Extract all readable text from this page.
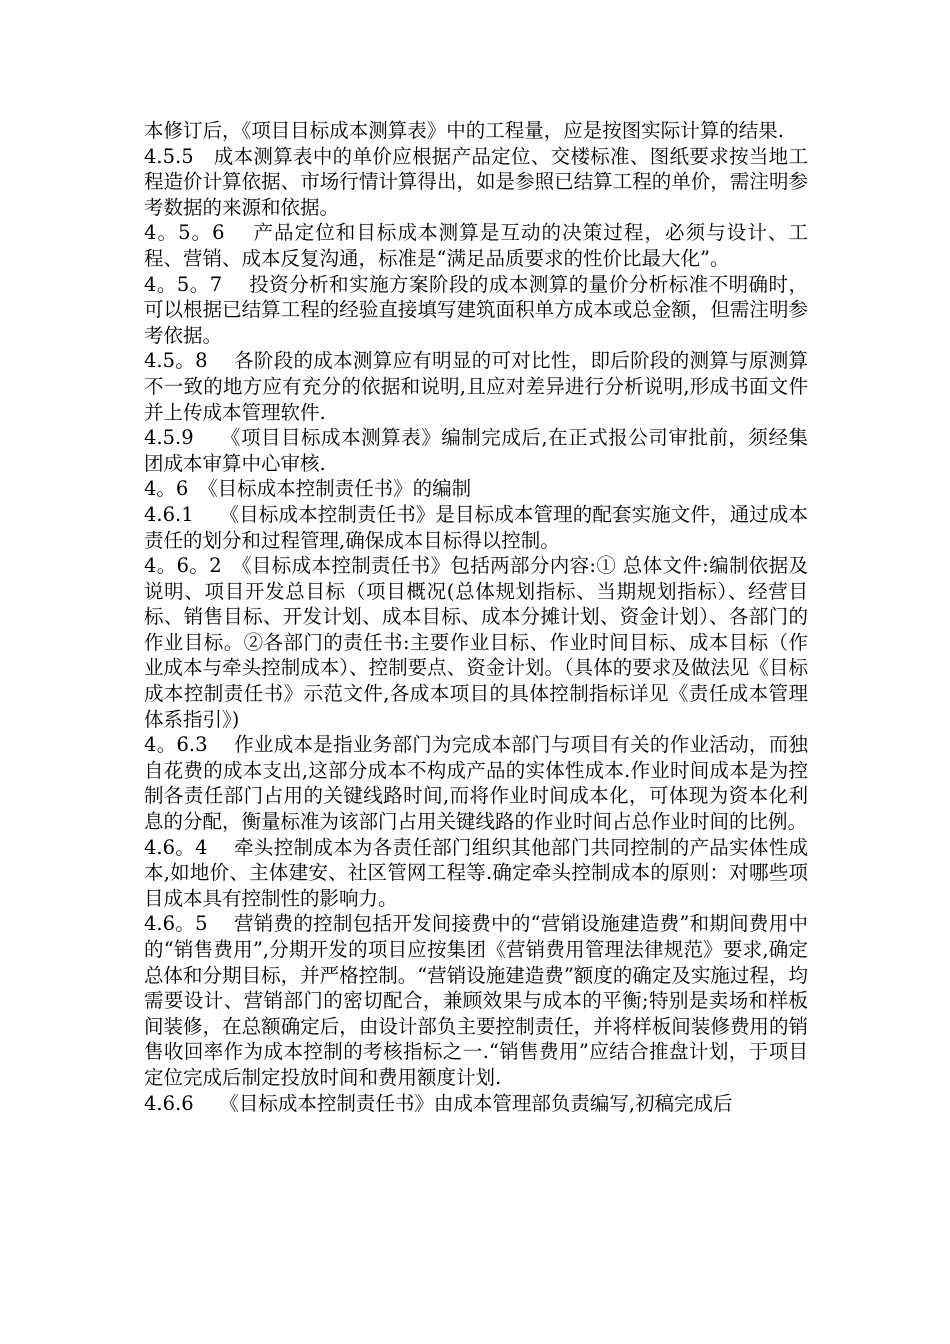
本修订后，《项目目标成本测算表》中的工程量，应是按图实际计算的结果.

4.5.5　成本测算表中的单价应根据产品定位、交楼标准、图纸要求按当地工程造价计算依据、市场行情计算得出，如是参照已结算工程的单价，需注明参考数据的来源和依据。

4。5。6　 产品定位和目标成本测算是互动的决策过程，必须与设计、工程、营销、成本反复沟通，标准是“满足品质要求的性价比最大化”。

4。5。7　 投资分析和实施方案阶段的成本测算的量价分析标准不明确时，可以根据已结算工程的经验直接填写建筑面积单方成本或总金额，但需注明参考依据。

4.5。8　 各阶段的成本测算应有明显的可对比性，即后阶段的测算与原测算不一致的地方应有充分的依据和说明,且应对差异进行分析说明,形成书面文件并上传成本管理软件.

4.5.9　 《项目目标成本测算表》编制完成后,在正式报公司审批前，须经集团成本审算中心审核.

4。6　《目标成本控制责任书》的编制

4.6.1　 《目标成本控制责任书》是目标成本管理的配套实施文件，通过成本责任的划分和过程管理,确保成本目标得以控制。

4。6。2　《目标成本控制责任书》包括两部分内容:① 总体文件:编制依据及说明、项目开发总目标（项目概况(总体规划指标、当期规划指标）、经营目标、销售目标、开发计划、成本目标、成本分摊计划、资金计划）、各部门的作业目标。②各部门的责任书:主要作业目标、作业时间目标、成本目标（作业成本与牵头控制成本）、控制要点、资金计划。（具体的要求及做法见《目标成本控制责任书》示范文件,各成本项目的具体控制指标详见《责任成本管理体系指引》)

4。6.3　 作业成本是指业务部门为完成本部门与项目有关的作业活动，而独自花费的成本支出,这部分成本不构成产品的实体性成本.作业时间成本是为控制各责任部门占用的关键线路时间,而将作业时间成本化，可体现为资本化利息的分配，衡量标准为该部门占用关键线路的作业时间占总作业时间的比例。

4.6。4　 牵头控制成本为各责任部门组织其他部门共同控制的产品实体性成本,如地价、主体建安、社区管网工程等.确定牵头控制成本的原则：对哪些项目成本具有控制性的影响力。

4.6。5　 营销费的控制包括开发间接费中的“营销设施建造费”和期间费用中的“销售费用”,分期开发的项目应按集团《营销费用管理法律规范》要求,确定总体和分期目标，并严格控制。“营销设施建造费”额度的确定及实施过程，均需要设计、营销部门的密切配合，兼顾效果与成本的平衡;特别是卖场和样板间装修，在总额确定后，由设计部负主要控制责任，并将样板间装修费用的销售收回率作为成本控制的考核指标之一.“销售费用”应结合推盘计划，于项目定位完成后制定投放时间和费用额度计划.

4.6.6　 《目标成本控制责任书》由成本管理部负责编写,初稿完成后
